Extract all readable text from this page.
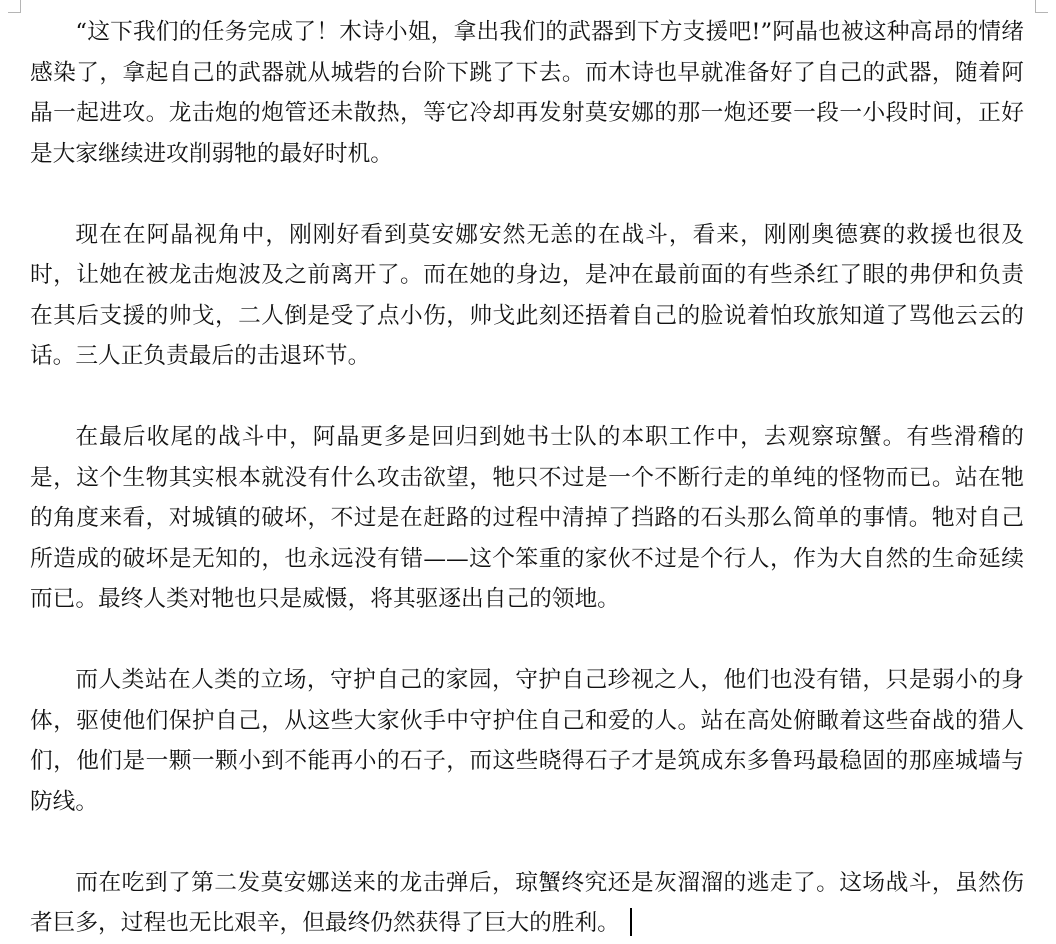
“这下我们的任务完成了！木诗小姐，拿出我们的武器到下方支援吧!”阿晶也被这种高昂的情绪感染了，拿起自己的武器就从城砦的台阶下跳了下去。而木诗也早就准备好了自己的武器，随着阿晶一起进攻。龙击炮的炮管还未散热，等它冷却再发射莫安娜的那一炮还要一段一小段时间，正好是大家继续进攻削弱牠的最好时机。

现在在阿晶视角中，刚刚好看到莫安娜安然无恙的在战斗，看来，刚刚奥德赛的救援也很及时，让她在被龙击炮波及之前离开了。而在她的身边，是冲在最前面的有些杀红了眼的弗伊和负责在其后支援的帅戈，二人倒是受了点小伤，帅戈此刻还捂着自己的脸说着怕玫旅知道了骂他云云的话。三人正负责最后的击退环节。

在最后收尾的战斗中，阿晶更多是回归到她书士队的本职工作中，去观察琼蟹。有些滑稽的是，这个生物其实根本就没有什么攻击欲望，牠只不过是一个不断行走的单纯的怪物而已。站在牠的角度来看，对城镇的破坏，不过是在赶路的过程中清掉了挡路的石头那么简单的事情。牠对自己所造成的破坏是无知的，也永远没有错——这个笨重的家伙不过是个行人，作为大自然的生命延续而已。最终人类对牠也只是威慑，将其驱逐出自己的领地。

而人类站在人类的立场，守护自己的家园，守护自己珍视之人，他们也没有错，只是弱小的身体，驱使他们保护自己，从这些大家伙手中守护住自己和爱的人。站在高处俯瞰着这些奋战的猎人们，他们是一颗一颗小到不能再小的石子，而这些晓得石子才是筑成东多鲁玛最稳固的那座城墙与防线。

而在吃到了第二发莫安娜送来的龙击弹后，琼蟹终究还是灰溜溜的逃走了。这场战斗，虽然伤者巨多，过程也无比艰辛，但最终仍然获得了巨大的胜利。
